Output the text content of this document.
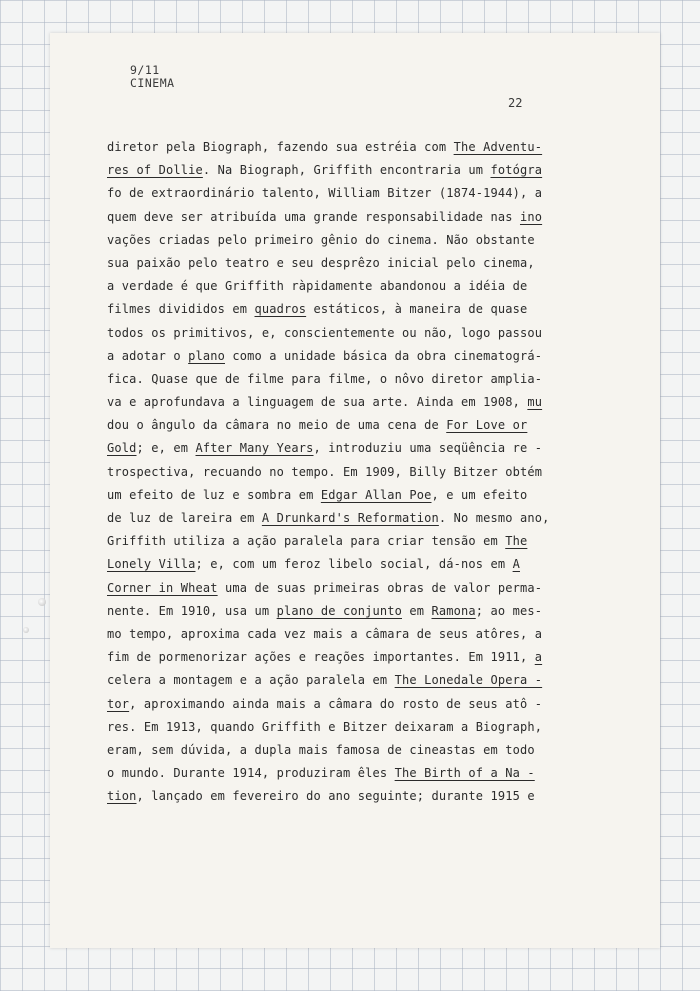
9/11
CINEMA
22
diretor pela Biograph, fazendo sua estréia com The Adventu-
res of Dollie. Na Biograph, Griffith encontraria um fotógra
fo de extraordinário talento, William Bitzer (1874-1944), a
quem deve ser atribuída uma grande responsabilidade nas ino
vações criadas pelo primeiro gênio do cinema. Não obstante
sua paixão pelo teatro e seu desprêzo inicial pelo cinema,
a verdade é que Griffith ràpidamente abandonou a idéia de
filmes divididos em quadros estáticos, à maneira de quase
todos os primitivos, e, conscientemente ou não, logo passou
a adotar o plano como a unidade básica da obra cinematográ-
fica. Quase que de filme para filme, o nôvo diretor amplia-
va e aprofundava a linguagem de sua arte. Ainda em 1908, mu
dou o ângulo da câmara no meio de uma cena de For Love or
Gold; e, em After Many Years, introduziu uma seqüência re -
trospectiva, recuando no tempo. Em 1909, Billy Bitzer obtém
um efeito de luz e sombra em Edgar Allan Poe, e um efeito
de luz de lareira em A Drunkard's Reformation. No mesmo ano,
Griffith utiliza a ação paralela para criar tensão em The
Lonely Villa; e, com um feroz libelo social, dá-nos em A
Corner in Wheat uma de suas primeiras obras de valor perma-
nente. Em 1910, usa um plano de conjunto em Ramona; ao mes-
mo tempo, aproxima cada vez mais a câmara de seus atôres, a
fim de pormenorizar ações e reações importantes. Em 1911, a
celera a montagem e a ação paralela em The Lonedale Opera -
tor, aproximando ainda mais a câmara do rosto de seus atô -
res. Em 1913, quando Griffith e Bitzer deixaram a Biograph,
eram, sem dúvida, a dupla mais famosa de cineastas em todo
o mundo. Durante 1914, produziram êles The Birth of a Na -
tion, lançado em fevereiro do ano seguinte; durante 1915 e
